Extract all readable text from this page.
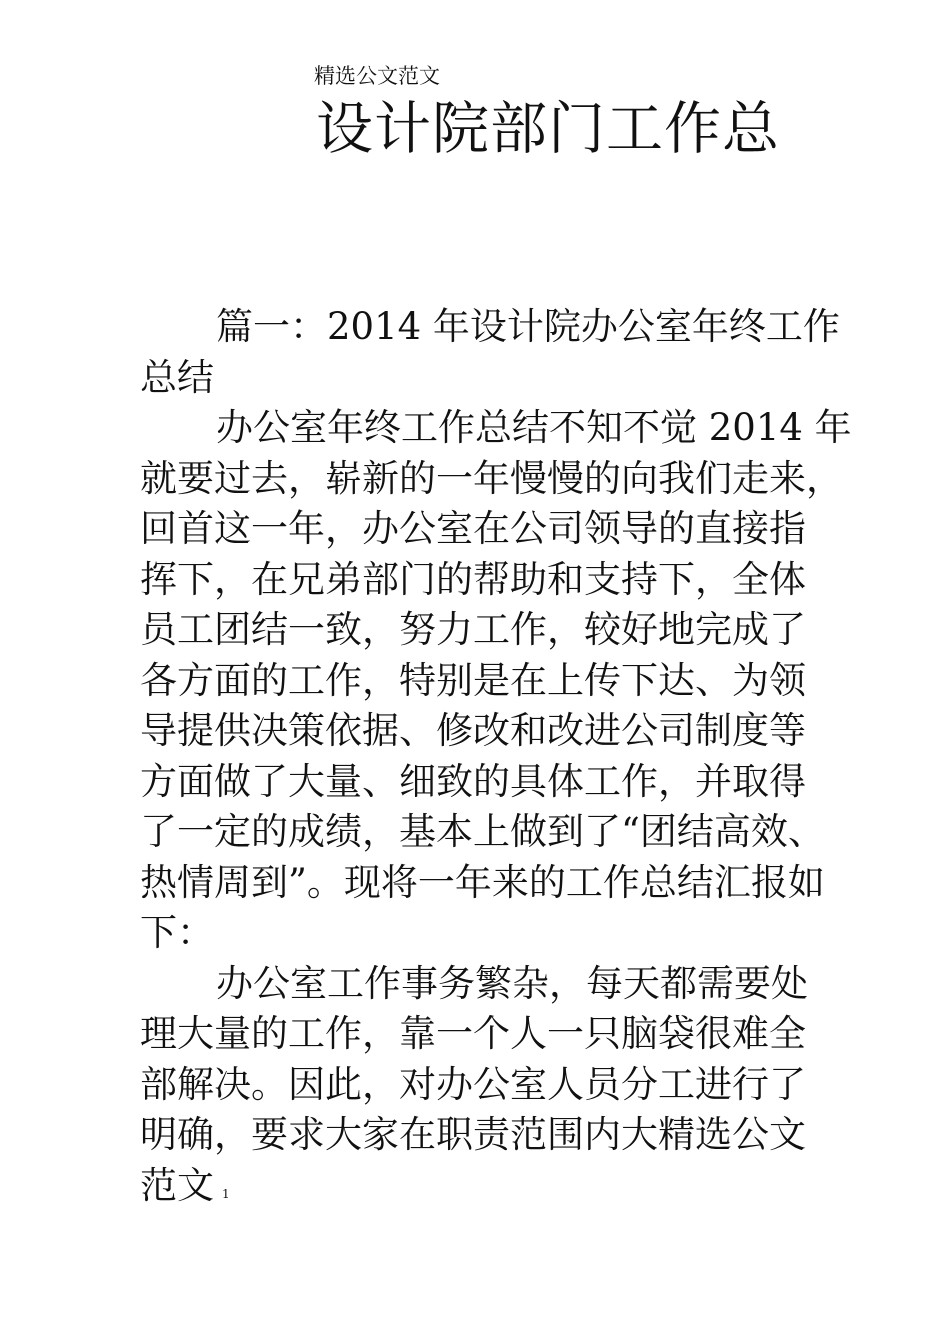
精选公文范文
设计院部门工作总
篇一：2014 年设计院办公室年终工作
总结
办公室年终工作总结不知不觉 2014 年
就要过去，崭新的一年慢慢的向我们走来，
回首这一年，办公室在公司领导的直接指
挥下，在兄弟部门的帮助和支持下，全体
员工团结一致，努力工作，较好地完成了
各方面的工作，特别是在上传下达、为领
导提供决策依据、修改和改进公司制度等
方面做了大量、细致的具体工作，并取得
了一定的成绩，基本上做到了“团结高效、
热情周到”。现将一年来的工作总结汇报如
下：
办公室工作事务繁杂，每天都需要处
理大量的工作，靠一个人一只脑袋很难全
部解决。因此，对办公室人员分工进行了
明确，要求大家在职责范围内大精选公文
范文 1
